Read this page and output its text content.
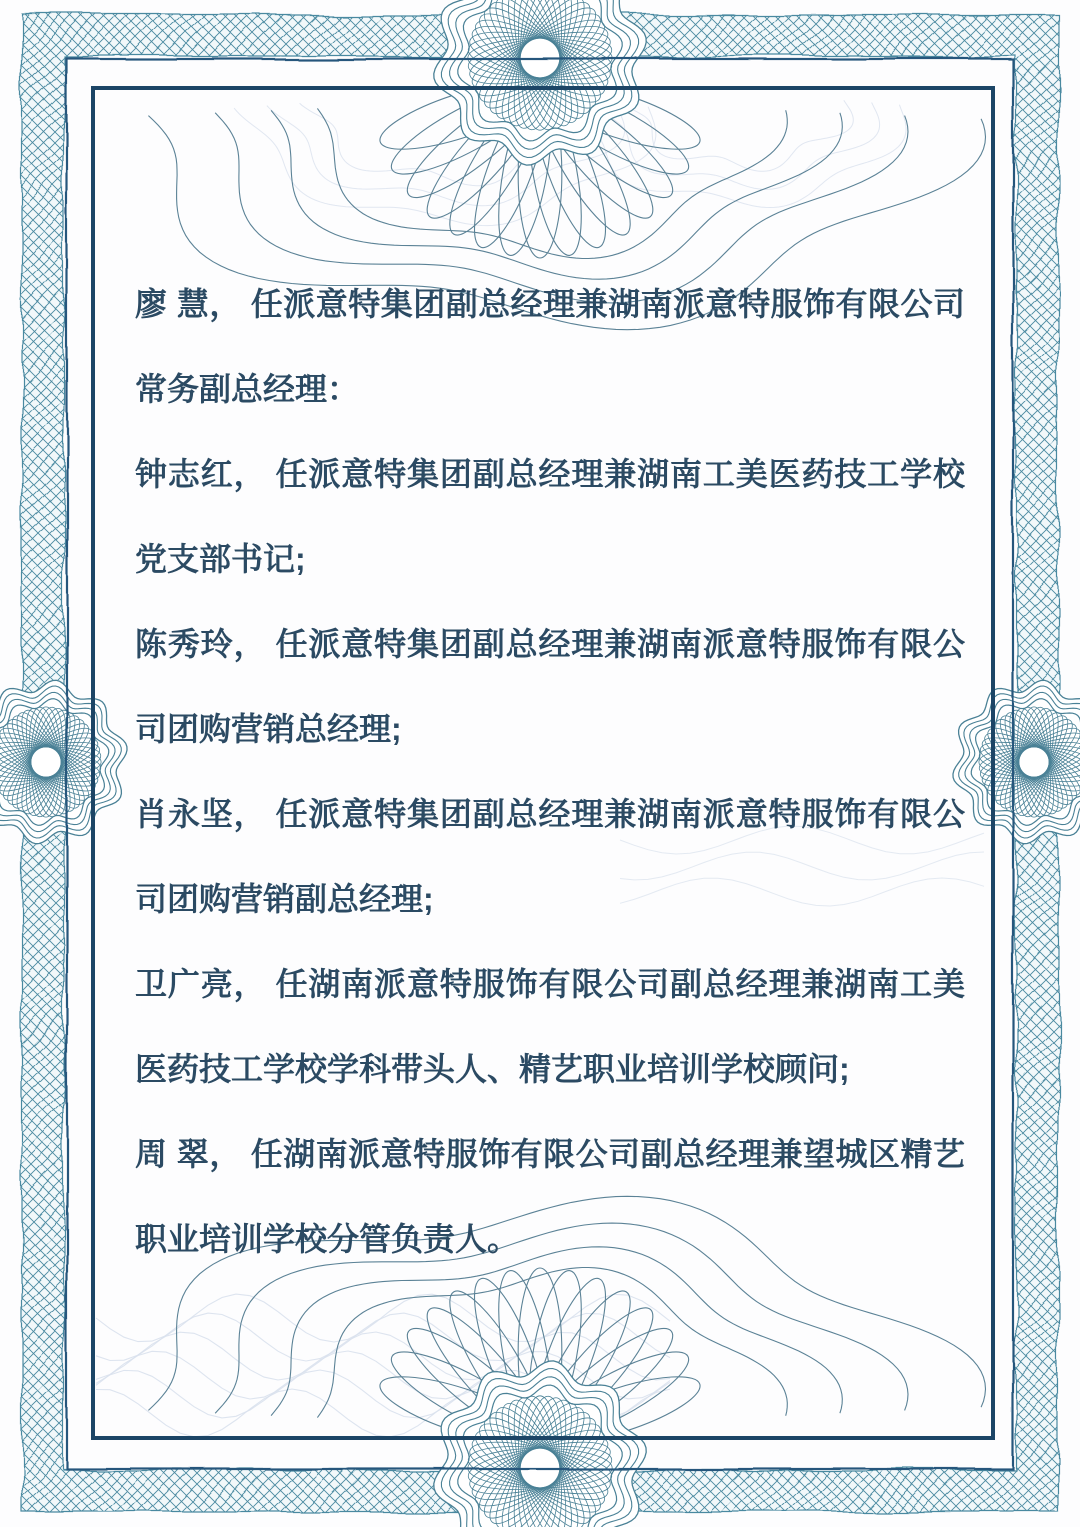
廖 慧， 任派意特集团副总经理兼湖南派意特服饰有限公司常务副总经理：

钟志红， 任派意特集团副总经理兼湖南工美医药技工学校党支部书记;

陈秀玲， 任派意特集团副总经理兼湖南派意特服饰有限公司团购营销总经理;

肖永坚， 任派意特集团副总经理兼湖南派意特服饰有限公司团购营销副总经理;

卫广亮， 任湖南派意特服饰有限公司副总经理兼湖南工美医药技工学校学科带头人、精艺职业培训学校顾问;

周 翠， 任湖南派意特服饰有限公司副总经理兼望城区精艺职业培训学校分管负责人。
